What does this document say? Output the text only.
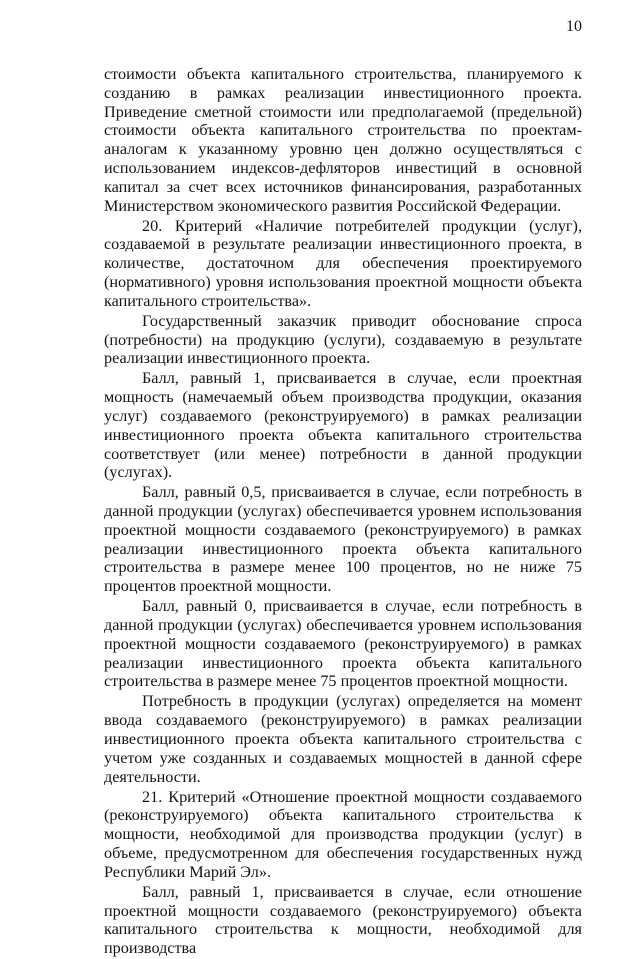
10

стоимости объекта капитального строительства, планируемого к созданию в рамках реализации инвестиционного проекта. Приведение сметной стоимости или предполагаемой (предельной) стоимости объекта капитального строительства по проектам-аналогам к указанному уровню цен должно осуществляться с использованием индексов-дефляторов инвестиций в основной капитал за счет всех источников финансирования, разработанных Министерством экономического развития Российской Федерации.

20. Критерий «Наличие потребителей продукции (услуг), создаваемой в результате реализации инвестиционного проекта, в количестве, достаточном для обеспечения проектируемого (нормативного) уровня использования проектной мощности объекта капитального строительства».

Государственный заказчик приводит обоснование спроса (потребности) на продукцию (услуги), создаваемую в результате реализации инвестиционного проекта.

Балл, равный 1, присваивается в случае, если проектная мощность (намечаемый объем производства продукции, оказания услуг) создаваемого (реконструируемого) в рамках реализации инвестиционного проекта объекта капитального строительства соответствует (или менее) потребности в данной продукции (услугах).

Балл, равный 0,5, присваивается в случае, если потребность в данной продукции (услугах) обеспечивается уровнем использования проектной мощности создаваемого (реконструируемого) в рамках реализации инвестиционного проекта объекта капитального строительства в размере менее 100 процентов, но не ниже 75 процентов проектной мощности.

Балл, равный 0, присваивается в случае, если потребность в данной продукции (услугах) обеспечивается уровнем использования проектной мощности создаваемого (реконструируемого) в рамках реализации инвестиционного проекта объекта капитального строительства в размере менее 75 процентов проектной мощности.

Потребность в продукции (услугах) определяется на момент ввода создаваемого (реконструируемого) в рамках реализации инвестиционного проекта объекта капитального строительства с учетом уже созданных и создаваемых мощностей в данной сфере деятельности.

21. Критерий «Отношение проектной мощности создаваемого (реконструируемого) объекта капитального строительства к мощности, необходимой для производства продукции (услуг) в объеме, предусмотренном для обеспечения государственных нужд Республики Марий Эл».

Балл, равный 1, присваивается в случае, если отношение проектной мощности создаваемого (реконструируемого) объекта капитального строительства к мощности, необходимой для производства
